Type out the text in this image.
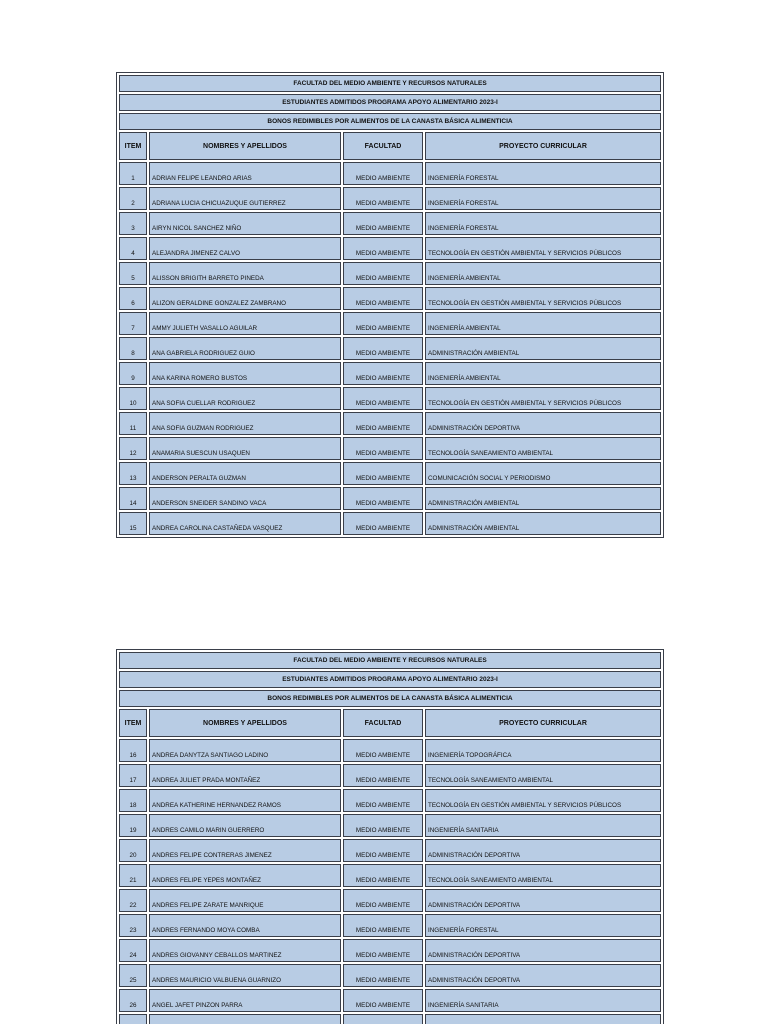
FACULTAD DEL MEDIO AMBIENTE Y RECURSOS NATURALES			
ESTUDIANTES ADMITIDOS PROGRAMA APOYO ALIMENTARIO 2023-I			
BONOS REDIMIBLES POR ALIMENTOS DE LA CANASTA BÁSICA ALIMENTICIA			
ITEM	NOMBRES Y APELLIDOS	FACULTAD	PROYECTO CURRICULAR
1	ADRIAN FELIPE LEANDRO ARIAS	MEDIO AMBIENTE	INGENIERÍA FORESTAL
2	ADRIANA LUCIA CHICUAZUQUE GUTIERREZ	MEDIO AMBIENTE	INGENIERÍA FORESTAL
3	AIRYN NICOL SANCHEZ NIÑO	MEDIO AMBIENTE	INGENIERÍA FORESTAL
4	ALEJANDRA JIMENEZ CALVO	MEDIO AMBIENTE	TECNOLOGÍA EN GESTIÓN AMBIENTAL Y SERVICIOS PÚBLICOS
5	ALISSON BRIGITH BARRETO PINEDA	MEDIO AMBIENTE	INGENIERÍA AMBIENTAL
6	ALIZON GERALDINE GONZALEZ ZAMBRANO	MEDIO AMBIENTE	TECNOLOGÍA EN GESTIÓN AMBIENTAL Y SERVICIOS PÚBLICOS
7	AMMY JULIETH VASALLO AGUILAR	MEDIO AMBIENTE	INGENIERÍA AMBIENTAL
8	ANA GABRIELA RODRIGUEZ GUIO	MEDIO AMBIENTE	ADMINISTRACIÓN AMBIENTAL
9	ANA KARINA ROMERO BUSTOS	MEDIO AMBIENTE	INGENIERÍA AMBIENTAL
10	ANA SOFIA CUELLAR RODRIGUEZ	MEDIO AMBIENTE	TECNOLOGÍA EN GESTIÓN AMBIENTAL Y SERVICIOS PÚBLICOS
11	ANA SOFIA GUZMAN RODRIGUEZ	MEDIO AMBIENTE	ADMINISTRACIÓN DEPORTIVA
12	ANAMARIA SUESCUN USAQUEN	MEDIO AMBIENTE	TECNOLOGÍA SANEAMIENTO AMBIENTAL
13	ANDERSON PERALTA GUZMAN	MEDIO AMBIENTE	COMUNICACIÓN SOCIAL Y PERIODISMO
14	ANDERSON SNEIDER SANDINO VACA	MEDIO AMBIENTE	ADMINISTRACIÓN AMBIENTAL
15	ANDREA CAROLINA CASTAÑEDA VASQUEZ	MEDIO AMBIENTE	ADMINISTRACIÓN AMBIENTAL
FACULTAD DEL MEDIO AMBIENTE Y RECURSOS NATURALES			
ESTUDIANTES ADMITIDOS PROGRAMA APOYO ALIMENTARIO 2023-I			
BONOS REDIMIBLES POR ALIMENTOS DE LA CANASTA BÁSICA ALIMENTICIA			
ITEM	NOMBRES Y APELLIDOS	FACULTAD	PROYECTO CURRICULAR
16	ANDREA DANYTZA SANTIAGO LADINO	MEDIO AMBIENTE	INGENIERÍA TOPOGRÁFICA
17	ANDREA JULIET PRADA MONTAÑEZ	MEDIO AMBIENTE	TECNOLOGÍA SANEAMIENTO AMBIENTAL
18	ANDREA KATHERINE HERNANDEZ RAMOS	MEDIO AMBIENTE	TECNOLOGÍA EN GESTIÓN AMBIENTAL Y SERVICIOS PÚBLICOS
19	ANDRES CAMILO MARIN GUERRERO	MEDIO AMBIENTE	INGENIERÍA SANITARIA
20	ANDRES FELIPE CONTRERAS JIMENEZ	MEDIO AMBIENTE	ADMINISTRACIÓN DEPORTIVA
21	ANDRES FELIPE YEPES MONTAÑEZ	MEDIO AMBIENTE	TECNOLOGÍA SANEAMIENTO AMBIENTAL
22	ANDRES FELIPE ZARATE MANRIQUE	MEDIO AMBIENTE	ADMINISTRACIÓN DEPORTIVA
23	ANDRES FERNANDO MOYA COMBA	MEDIO AMBIENTE	INGENIERÍA FORESTAL
24	ANDRES GIOVANNY CEBALLOS MARTINEZ	MEDIO AMBIENTE	ADMINISTRACIÓN DEPORTIVA
25	ANDRES MAURICIO VALBUENA GUARNIZO	MEDIO AMBIENTE	ADMINISTRACIÓN DEPORTIVA
26	ANGEL JAFET PINZON PARRA	MEDIO AMBIENTE	INGENIERÍA SANITARIA
